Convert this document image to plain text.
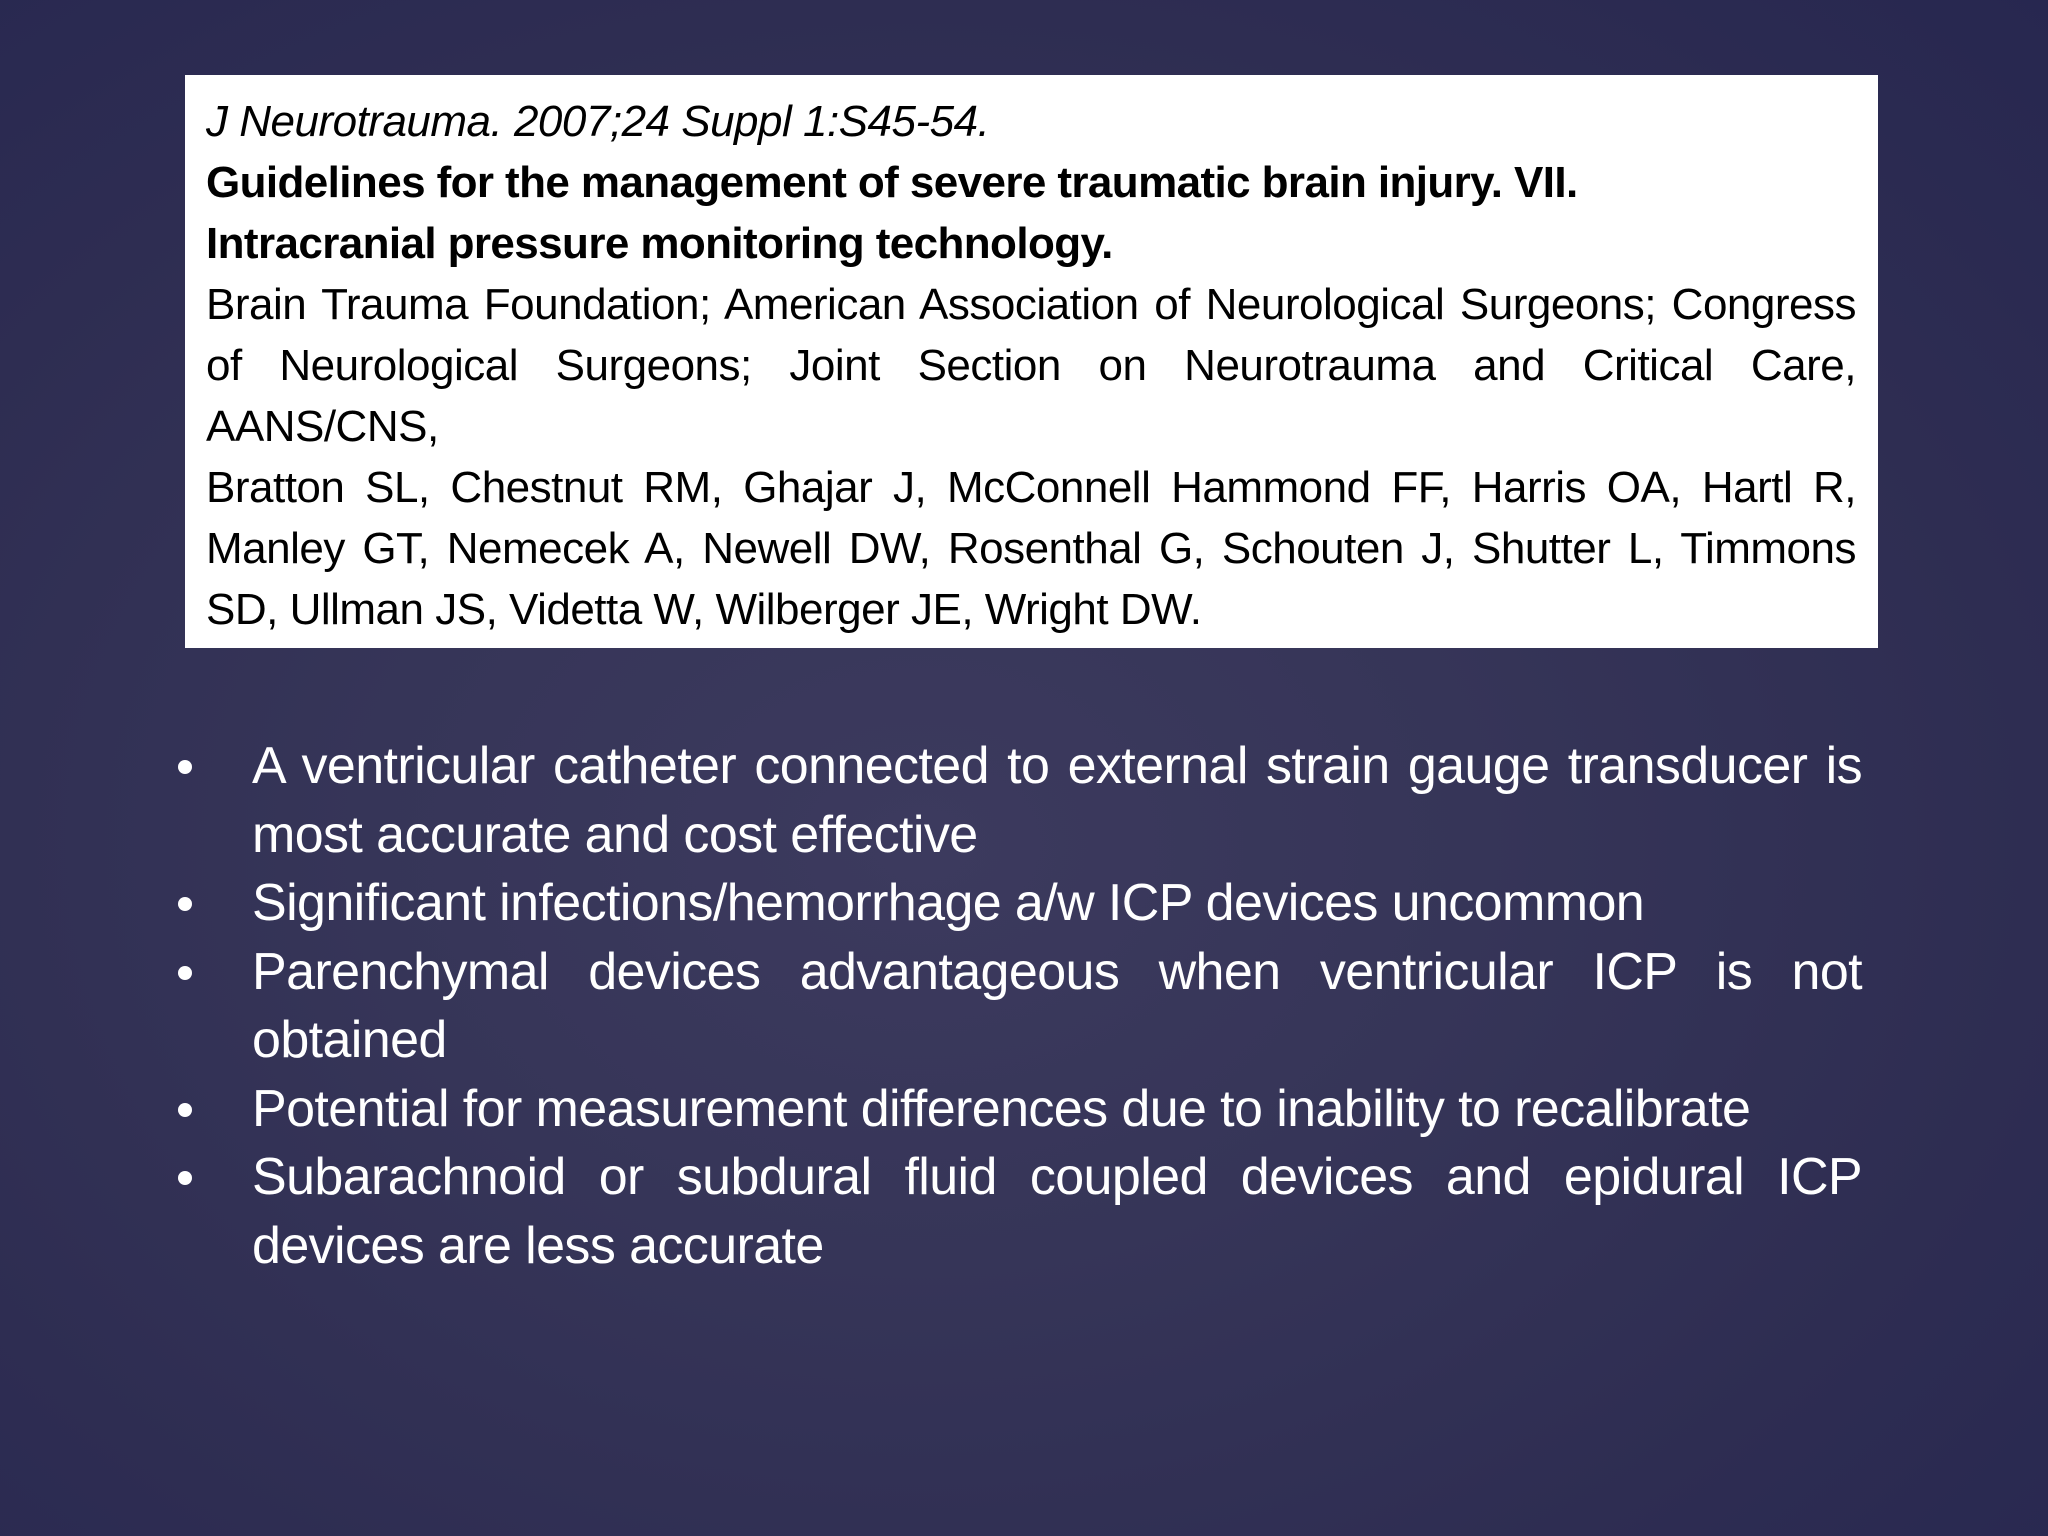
J Neurotrauma. 2007;24 Suppl 1:S45-54.
Guidelines for the management of severe traumatic brain injury. VII.
Intracranial pressure monitoring technology.
Brain Trauma Foundation; American Association of Neurological Surgeons; Congress of Neurological Surgeons; Joint Section on Neurotrauma and Critical Care, AANS/CNS,
Bratton SL, Chestnut RM, Ghajar J, McConnell Hammond FF, Harris OA, Hartl R, Manley GT, Nemecek A, Newell DW, Rosenthal G, Schouten J, Shutter L, Timmons SD, Ullman JS, Videtta W, Wilberger JE, Wright DW.
A ventricular catheter connected to external strain gauge transducer is most accurate and cost effective
Significant infections/hemorrhage a/w ICP devices uncommon
Parenchymal devices advantageous when ventricular ICP is not obtained
Potential for measurement differences due to inability to recalibrate
Subarachnoid or subdural fluid coupled devices and epidural ICP devices are less accurate
